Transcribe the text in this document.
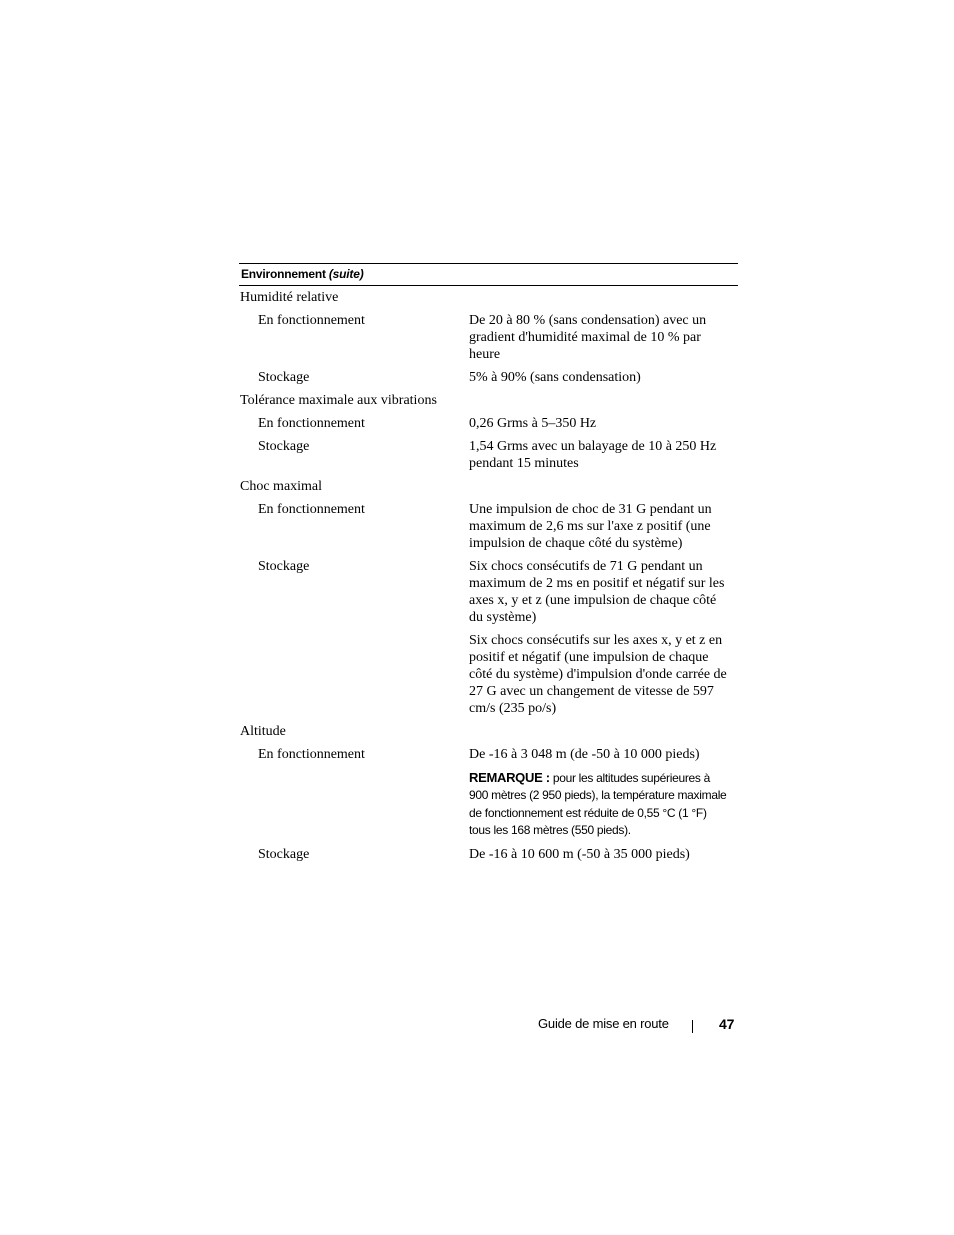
Environnement (suite)
Humidité relative
En fonctionnement	De 20 à 80 % (sans condensation) avec un gradient d'humidité maximal de 10 % par heure
Stockage	5% à 90% (sans condensation)
Tolérance maximale aux vibrations
En fonctionnement	0,26 Grms à 5–350 Hz
Stockage	1,54 Grms avec un balayage de 10 à 250 Hz pendant 15 minutes
Choc maximal
En fonctionnement	Une impulsion de choc de 31 G pendant un maximum de 2,6 ms sur l'axe z positif (une impulsion de chaque côté du système)
Stockage	Six chocs consécutifs de 71 G pendant un maximum de 2 ms en positif et négatif sur les axes x, y et z (une impulsion de chaque côté du système)
Six chocs consécutifs sur les axes x, y et z en positif et négatif (une impulsion de chaque côté du système) d'impulsion d'onde carrée de 27 G avec un changement de vitesse de 597 cm/s (235 po/s)
Altitude
En fonctionnement	De -16 à 3 048 m (de -50 à 10 000 pieds)
REMARQUE : pour les altitudes supérieures à 900 mètres (2 950 pieds), la température maximale de fonctionnement est réduite de 0,55 °C (1 °F) tous les 168 mètres (550 pieds).
Stockage	De -16 à 10 600 m (-50 à 35 000 pieds)
Guide de mise en route	47
